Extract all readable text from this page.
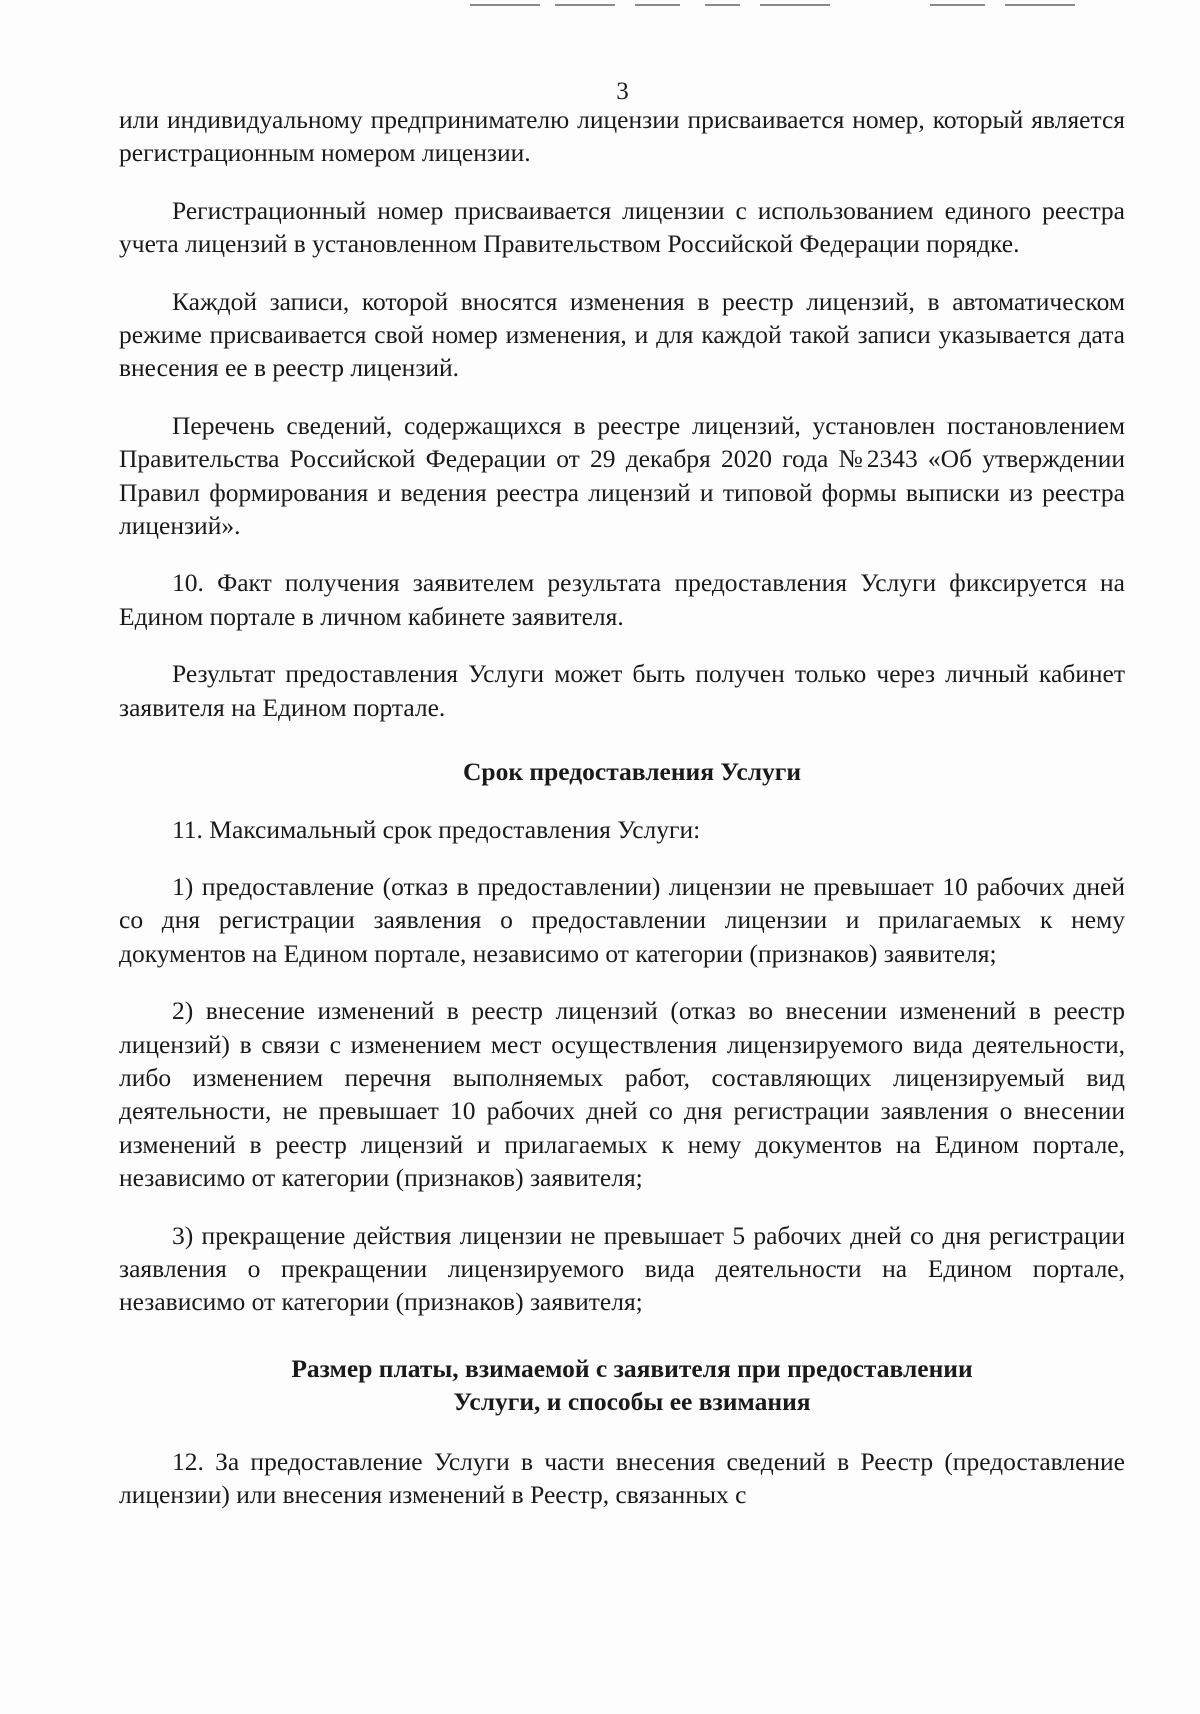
3

или индивидуальному предпринимателю лицензии присваивается номер, который является регистрационным номером лицензии.

Регистрационный номер присваивается лицензии с использованием единого реестра учета лицензий в установленном Правительством Российской Федерации порядке.

Каждой записи, которой вносятся изменения в реестр лицензий, в автоматическом режиме присваивается свой номер изменения, и для каждой такой записи указывается дата внесения ее в реестр лицензий.

Перечень сведений, содержащихся в реестре лицензий, установлен постановлением Правительства Российской Федерации от 29 декабря 2020 года №2343 «Об утверждении Правил формирования и ведения реестра лицензий и типовой формы выписки из реестра лицензий».

10. Факт получения заявителем результата предоставления Услуги фиксируется на Едином портале в личном кабинете заявителя.

Результат предоставления Услуги может быть получен только через личный кабинет заявителя на Едином портале.

Срок предоставления Услуги

11. Максимальный срок предоставления Услуги:

1) предоставление (отказ в предоставлении) лицензии не превышает 10 рабочих дней со дня регистрации заявления о предоставлении лицензии и прилагаемых к нему документов на Едином портале, независимо от категории (признаков) заявителя;

2) внесение изменений в реестр лицензий (отказ во внесении изменений в реестр лицензий) в связи с изменением мест осуществления лицензируемого вида деятельности, либо изменением перечня выполняемых работ, составляющих лицензируемый вид деятельности, не превышает 10 рабочих дней со дня регистрации заявления о внесении изменений в реестр лицензий и прилагаемых к нему документов на Едином портале, независимо от категории (признаков) заявителя;

3) прекращение действия лицензии не превышает 5 рабочих дней со дня регистрации заявления о прекращении лицензируемого вида деятельности на Едином портале, независимо от категории (признаков) заявителя;

Размер платы, взимаемой с заявителя при предоставлении
Услуги, и способы ее взимания

12. За предоставление Услуги в части внесения сведений в Реестр (предоставление лицензии) или внесения изменений в Реестр, связанных с
